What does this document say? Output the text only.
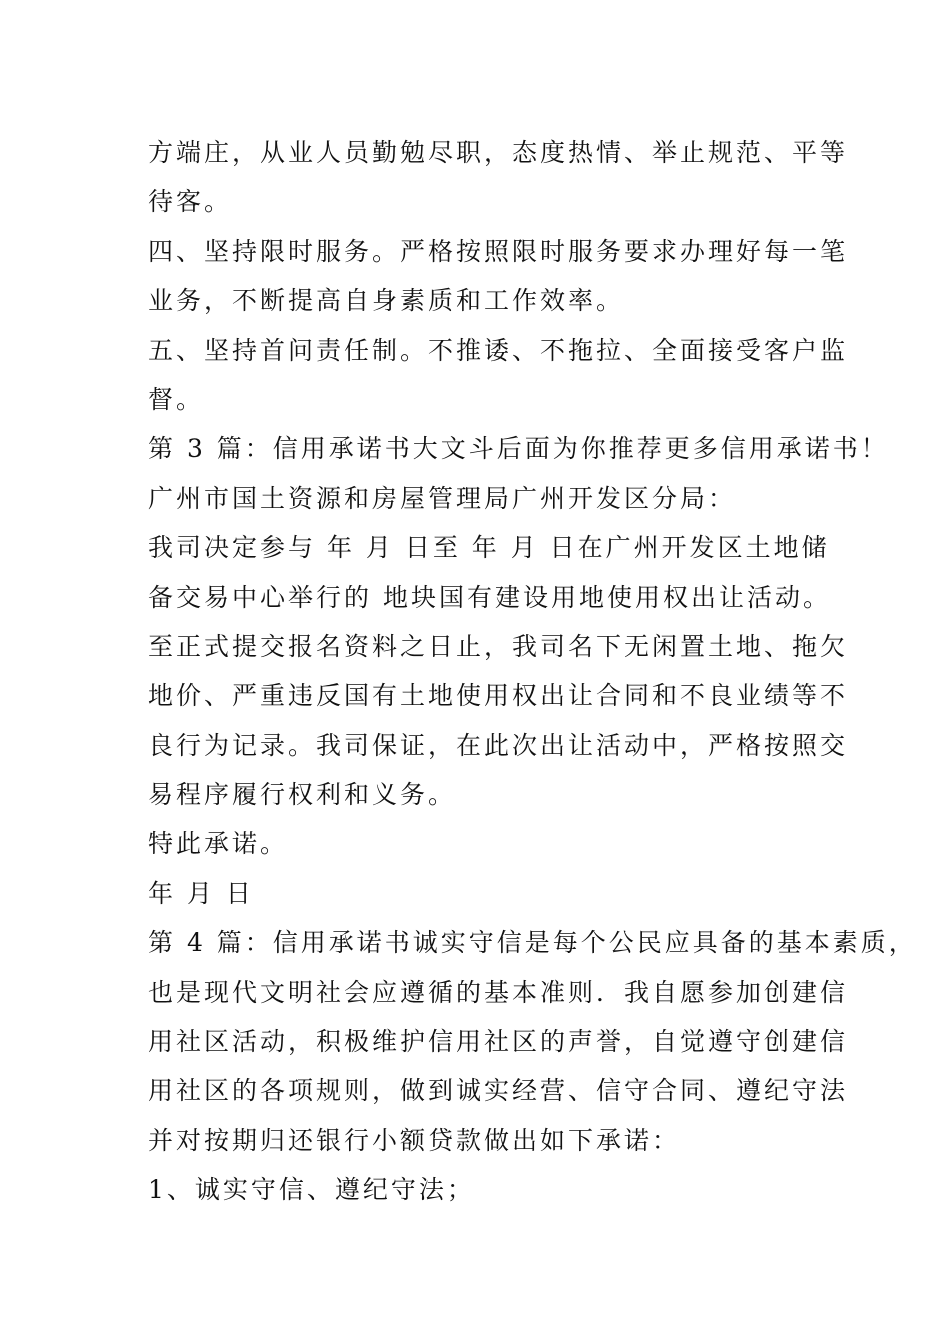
方端庄，从业人员勤勉尽职，态度热情、举止规范、平等
待客。
四、坚持限时服务。严格按照限时服务要求办理好每一笔
业务，不断提高自身素质和工作效率。
五、坚持首问责任制。不推诿、不拖拉、全面接受客户监
督。
第 3 篇：信用承诺书大文斗后面为你推荐更多信用承诺书！
广州市国土资源和房屋管理局广州开发区分局：
我司决定参与 年 月 日至 年 月 日在广州开发区土地储
备交易中心举行的 地块国有建设用地使用权出让活动。
至正式提交报名资料之日止，我司名下无闲置土地、拖欠
地价、严重违反国有土地使用权出让合同和不良业绩等不
良行为记录。我司保证，在此次出让活动中，严格按照交
易程序履行权利和义务。
特此承诺。
年 月 日
第 4 篇：信用承诺书诚实守信是每个公民应具备的基本素质，
也是现代文明社会应遵循的基本准则．我自愿参加创建信
用社区活动，积极维护信用社区的声誉，自觉遵守创建信
用社区的各项规则，做到诚实经营、信守合同、遵纪守法
并对按期归还银行小额贷款做出如下承诺：
1、诚实守信、遵纪守法；
